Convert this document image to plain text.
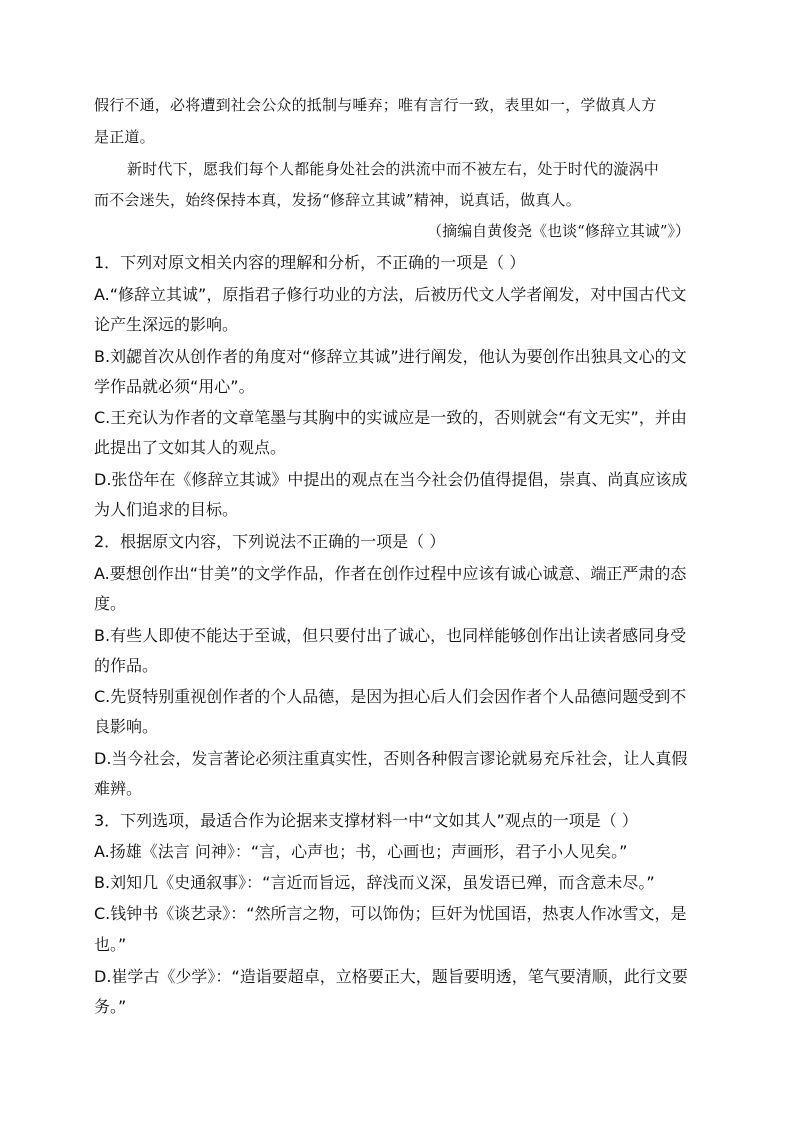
假行不通，必将遭到社会公众的抵制与唾弃；唯有言行一致，表里如一，学做真人方
是正道。
新时代下，愿我们每个人都能身处社会的洪流中而不被左右，处于时代的漩涡中
而不会迷失，始终保持本真，发扬“修辞立其诚”精神，说真话，做真人。
（摘编自黄俊尧《也谈“修辞立其诚”》）
1．下列对原文相关内容的理解和分析，不正确的一项是（ ）
A.“修辞立其诚”，原指君子修行功业的方法，后被历代文人学者阐发，对中国古代文
论产生深远的影响。
B.刘勰首次从创作者的角度对“修辞立其诚”进行阐发，他认为要创作出独具文心的文
学作品就必须“用心”。
C.王充认为作者的文章笔墨与其胸中的实诚应是一致的，否则就会“有文无实”，并由
此提出了文如其人的观点。
D.张岱年在《修辞立其诚》中提出的观点在当今社会仍值得提倡，崇真、尚真应该成
为人们追求的目标。
2．根据原文内容，下列说法不正确的一项是（ ）
A.要想创作出“甘美”的文学作品，作者在创作过程中应该有诚心诚意、端正严肃的态
度。
B.有些人即使不能达于至诚，但只要付出了诚心，也同样能够创作出让读者感同身受
的作品。
C.先贤特别重视创作者的个人品德，是因为担心后人们会因作者个人品德问题受到不
良影响。
D.当今社会，发言著论必须注重真实性，否则各种假言谬论就易充斥社会，让人真假
难辨。
3．下列选项，最适合作为论据来支撑材料一中“文如其人”观点的一项是（ ）
A.扬雄《法言 问神》：“言，心声也；书，心画也；声画形，君子小人见矣。”
B.刘知几《史通叙事》：“言近而旨远，辞浅而义深，虽发语已殚，而含意未尽。”
C.钱钟书《谈艺录》：“然所言之物，可以饰伪；巨奸为忧国语，热衷人作冰雪文，是
也。”
D.崔学古《少学》：“造诣要超卓，立格要正大，题旨要明透，笔气要清顺，此行文要
务。”
